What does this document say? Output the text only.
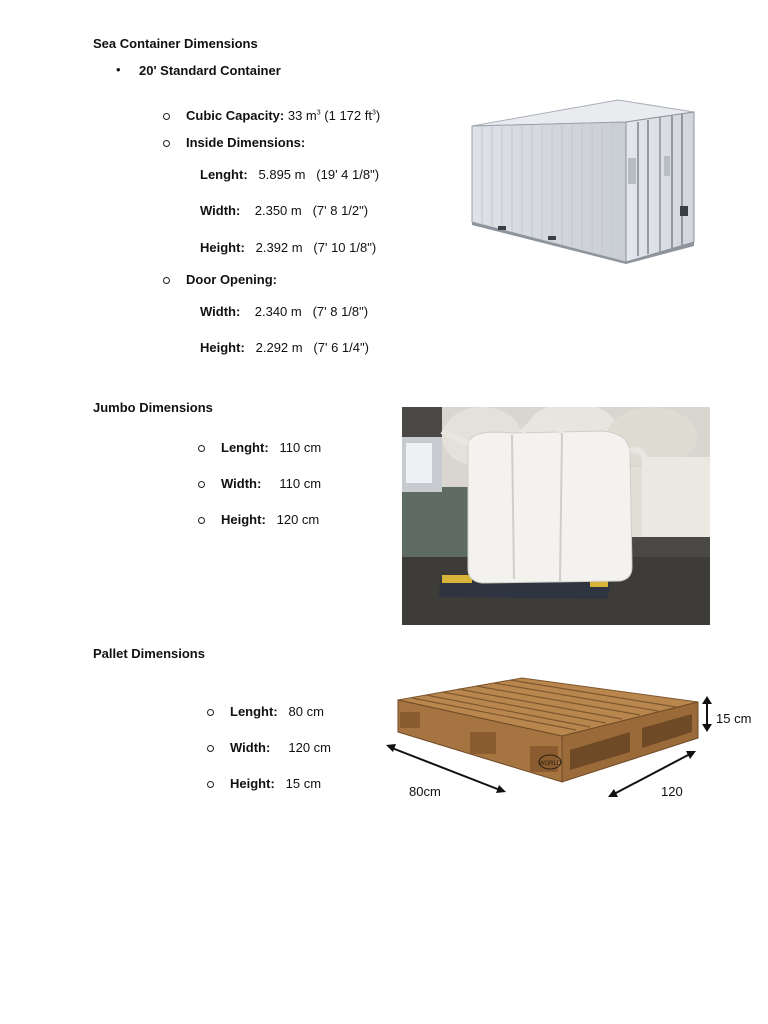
Sea Container Dimensions
• 20' Standard Container
Cubic Capacity: 33 $m^3$ (1 172 $ft^3$)
Inside Dimensions:
Lenght:   5.895 m   (19' 4 1/8")
Width:    2.350 m   (7' 8 1/2")
Height:   2.392 m   (7' 10 1/8")
Door Opening:
Width:    2.340 m   (7' 8 1/8")
Height:   2.292 m   (7' 6 1/4")
Jumbo Dimensions
Lenght:   110 cm
Width:     110 cm
Height:   120 cm
Pallet Dimensions
Lenght:   80 cm
Width:     120 cm
Height:   15 cm
WORLD
15 cm
80cm	120
